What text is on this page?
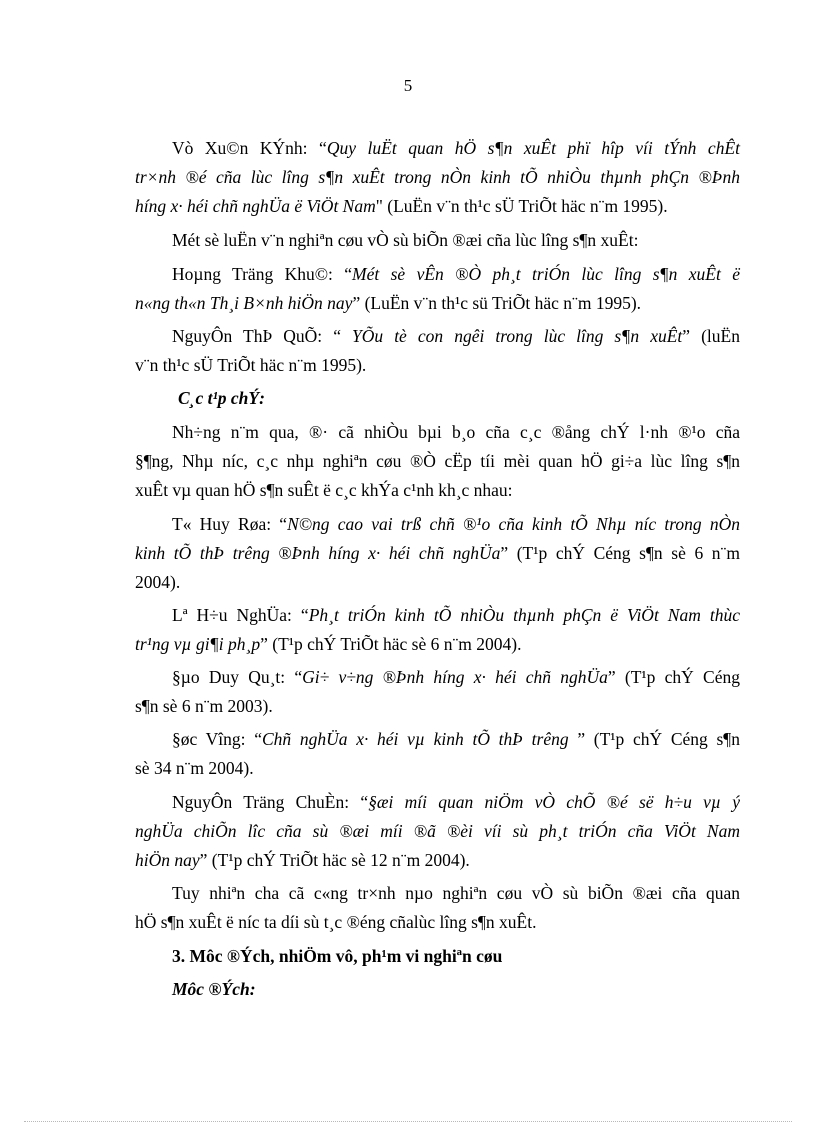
5
Vò Xu©n KÝnh: “Quy luËt quan hÖ s¶n xuÊt phï hîp víi tÝnh chÊt
tr×nh ®é cña lùc lîng s¶n xuÊt trong nÒn kinh tÕ nhiÒu thµnh phÇn ®Þnh
híng x· héi chñ nghÜa ë ViÖt Nam" (LuËn v¨n th¹c sÜ TriÕt häc n¨m 1995).
Mét sè luËn v¨n nghiªn cøu vÒ sù biÕn ®æi cña lùc lîng s¶n xuÊt:
Hoµng Träng Khu©: “Mét sè vÊn ®Ò ph¸t triÓn lùc lîng s¶n xuÊt ë
n«ng th«n Th¸i B×nh hiÖn nay” (LuËn v¨n th¹c sü TriÕt häc n¨m 1995).
NguyÔn ThÞ QuÕ: “ YÕu tè con ngêi trong lùc lîng s¶n xuÊt” (luËn
v¨n th¹c sÜ TriÕt häc n¨m 1995).
C¸c t¹p chÝ:
Nh÷ng n¨m qua, ®· cã nhiÒu bµi b¸o cña c¸c ®ång chÝ l·nh ®¹o cña
§¶ng, Nhµ níc, c¸c nhµ nghiªn cøu ®Ò cËp tíi mèi quan hÖ gi÷a lùc lîng s¶n
xuÊt vµ quan hÖ s¶n suÊt ë c¸c khÝa c¹nh kh¸c nhau:
T« Huy Røa: “N©ng cao vai trß chñ ®¹o cña kinh tÕ Nhµ níc trong nÒn
kinh tÕ thÞ trêng ®Þnh híng x· héi chñ nghÜa” (T¹p chÝ Céng s¶n sè 6 n¨m
2004).
Lª H÷u NghÜa: “Ph¸t triÓn kinh tÕ nhiÒu thµnh phÇn ë ViÖt Nam thùc
tr¹ng vµ gi¶i ph¸p” (T¹p chÝ TriÕt häc sè 6 n¨m 2004).
§µo Duy Qu¸t: “Gi÷ v÷ng ®Þnh híng x· héi chñ nghÜa” (T¹p chÝ Céng
s¶n sè 6 n¨m 2003).
§øc Vîng: “Chñ nghÜa x· héi vµ kinh tÕ thÞ trêng ” (T¹p chÝ Céng s¶n
sè 34 n¨m 2004).
NguyÔn Träng ChuÈn: “§æi míi quan niÖm vÒ chÕ ®é së h÷u vµ ý
nghÜa chiÕn lîc cña sù ®æi míi ®ã ®èi víi sù ph¸t triÓn cña ViÖt Nam
hiÖn nay” (T¹p chÝ TriÕt häc sè 12 n¨m 2004).
Tuy nhiªn cha cã c«ng tr×nh nµo nghiªn cøu vÒ sù biÕn ®æi cña quan
hÖ s¶n xuÊt ë níc ta díi sù t¸c ®éng cñalùc lîng s¶n xuÊt.
3. Môc ®Ých, nhiÖm vô, ph¹m vi nghiªn cøu
Môc ®Ých:
